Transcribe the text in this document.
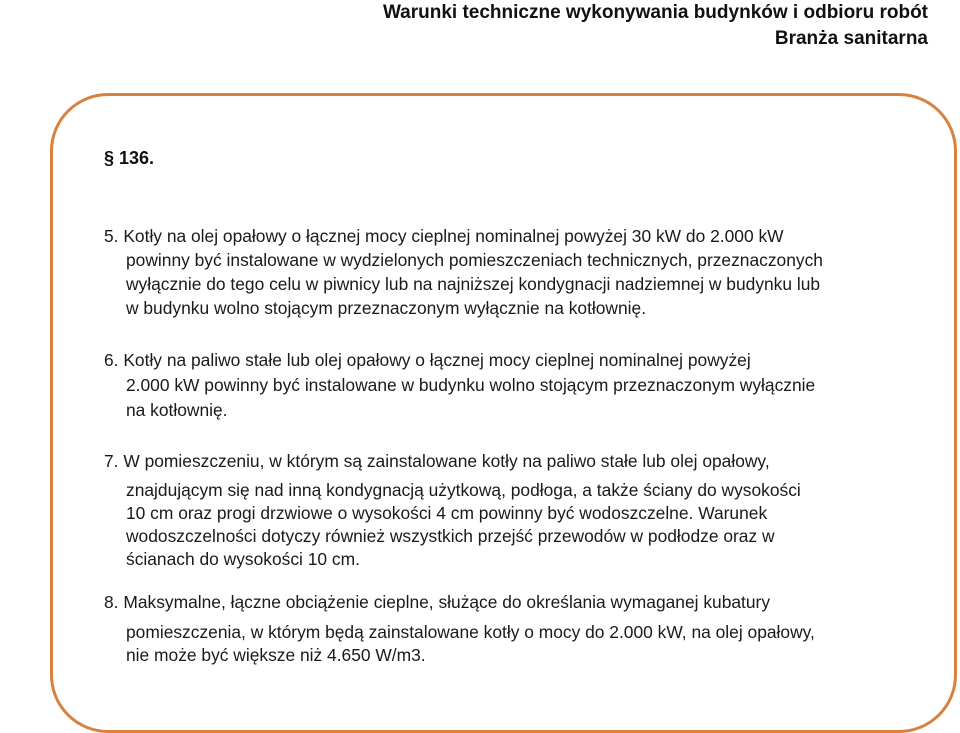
Warunki techniczne wykonywania budynków i odbioru robót
Branża sanitarna
§ 136.
5. Kotły na olej opałowy o łącznej mocy cieplnej nominalnej powyżej 30 kW do 2.000 kW
powinny być instalowane w wydzielonych pomieszczeniach technicznych, przeznaczonych
wyłącznie do tego celu w piwnicy lub na najniższej kondygnacji nadziemnej w budynku lub
w budynku wolno stojącym przeznaczonym wyłącznie na kotłownię.
6. Kotły na paliwo stałe lub olej opałowy o łącznej mocy cieplnej nominalnej powyżej
2.000 kW powinny być instalowane w budynku wolno stojącym przeznaczonym wyłącznie
na kotłownię.
7. W pomieszczeniu, w którym są zainstalowane kotły na paliwo stałe lub olej opałowy,
znajdującym się nad inną kondygnacją użytkową, podłoga, a także ściany do wysokości
10 cm oraz progi drzwiowe o wysokości 4 cm powinny być wodoszczelne. Warunek
wodoszczelności dotyczy również wszystkich przejść przewodów w podłodze oraz w
ścianach do wysokości 10 cm.
8. Maksymalne, łączne obciążenie cieplne, służące do określania wymaganej kubatury
pomieszczenia, w którym będą zainstalowane kotły o mocy do 2.000 kW, na olej opałowy,
nie może być większe niż 4.650 W/m3.
